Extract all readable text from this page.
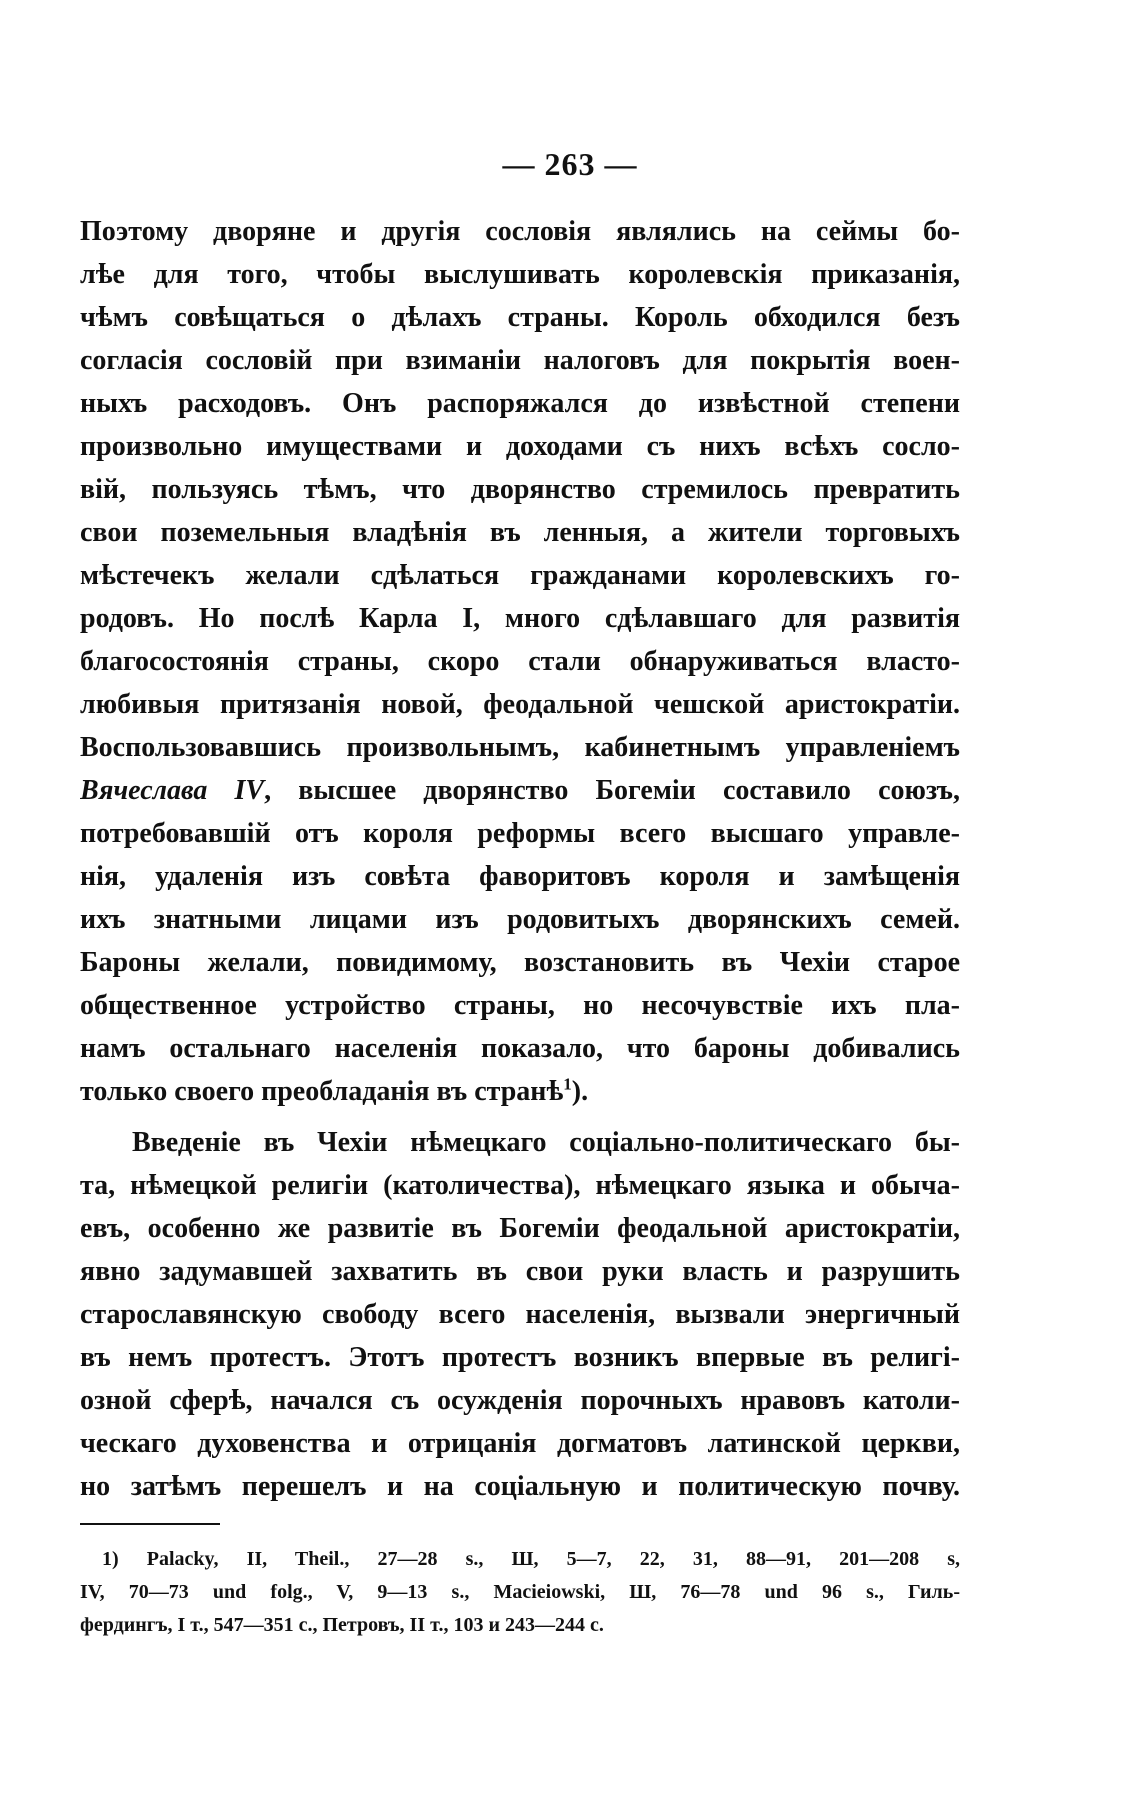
— 263 —
Поэтому дворяне и другія сословія являлись на сеймы бо-
лѣе для того, чтобы выслушивать королевскія приказанія,
чѣмъ совѣщаться о дѣлахъ страны. Король обходился безъ
согласія сословій при взиманіи налоговъ для покрытія воен-
ныхъ расходовъ. Онъ распоряжался до извѣстной степени
произвольно имуществами и доходами съ нихъ всѣхъ сосло-
вій, пользуясь тѣмъ, что дворянство стремилось превратить
свои поземельныя владѣнія въ ленныя, а жители торговыхъ
мѣстечекъ желали сдѣлаться гражданами королевскихъ го-
родовъ. Но послѣ Карла I, много сдѣлавшаго для развитія
благосостоянія страны, скоро стали обнаруживаться власто-
любивыя притязанія новой, феодальной чешской аристократіи.
Воспользовавшись произвольнымъ, кабинетнымъ управленіемъ
Вячеслава IV, высшее дворянство Богеміи составило союзъ,
потребовавшій отъ короля реформы всего высшаго управле-
нія, удаленія изъ совѣта фаворитовъ короля и замѣщенія
ихъ знатными лицами изъ родовитыхъ дворянскихъ семей.
Бароны желали, повидимому, возстановить въ Чехіи старое
общественное устройство страны, но несочувствіе ихъ пла-
намъ остальнаго населенія показало, что бароны добивались
только своего преобладанія въ странѣ$^1$).
Введеніе въ Чехіи нѣмецкаго соціально-политическаго бы-
та, нѣмецкой религіи (католичества), нѣмецкаго языка и обыча-
евъ, особенно же развитіе въ Богеміи феодальной аристократіи,
явно задумавшей захватить въ свои руки власть и разрушить
старославянскую свободу всего населенія, вызвали энергичный
въ немъ протестъ. Этотъ протестъ возникъ впервые въ религі-
озной сферѣ, начался съ осужденія порочныхъ нравовъ католи-
ческаго духовенства и отрицанія догматовъ латинской церкви,
но затѣмъ перешелъ и на соціальную и политическую почву.
1) Palacky, II, Theil., 27—28 s., Ш, 5—7, 22, 31, 88—91, 201—208 s,
IV, 70—73 und folg., V, 9—13 s., Macieiowski, Ш, 76—78 und 96 s., Гиль-
фердингъ, I т., 547—351 с., Петровъ, II т., 103 и 243—244 с.
